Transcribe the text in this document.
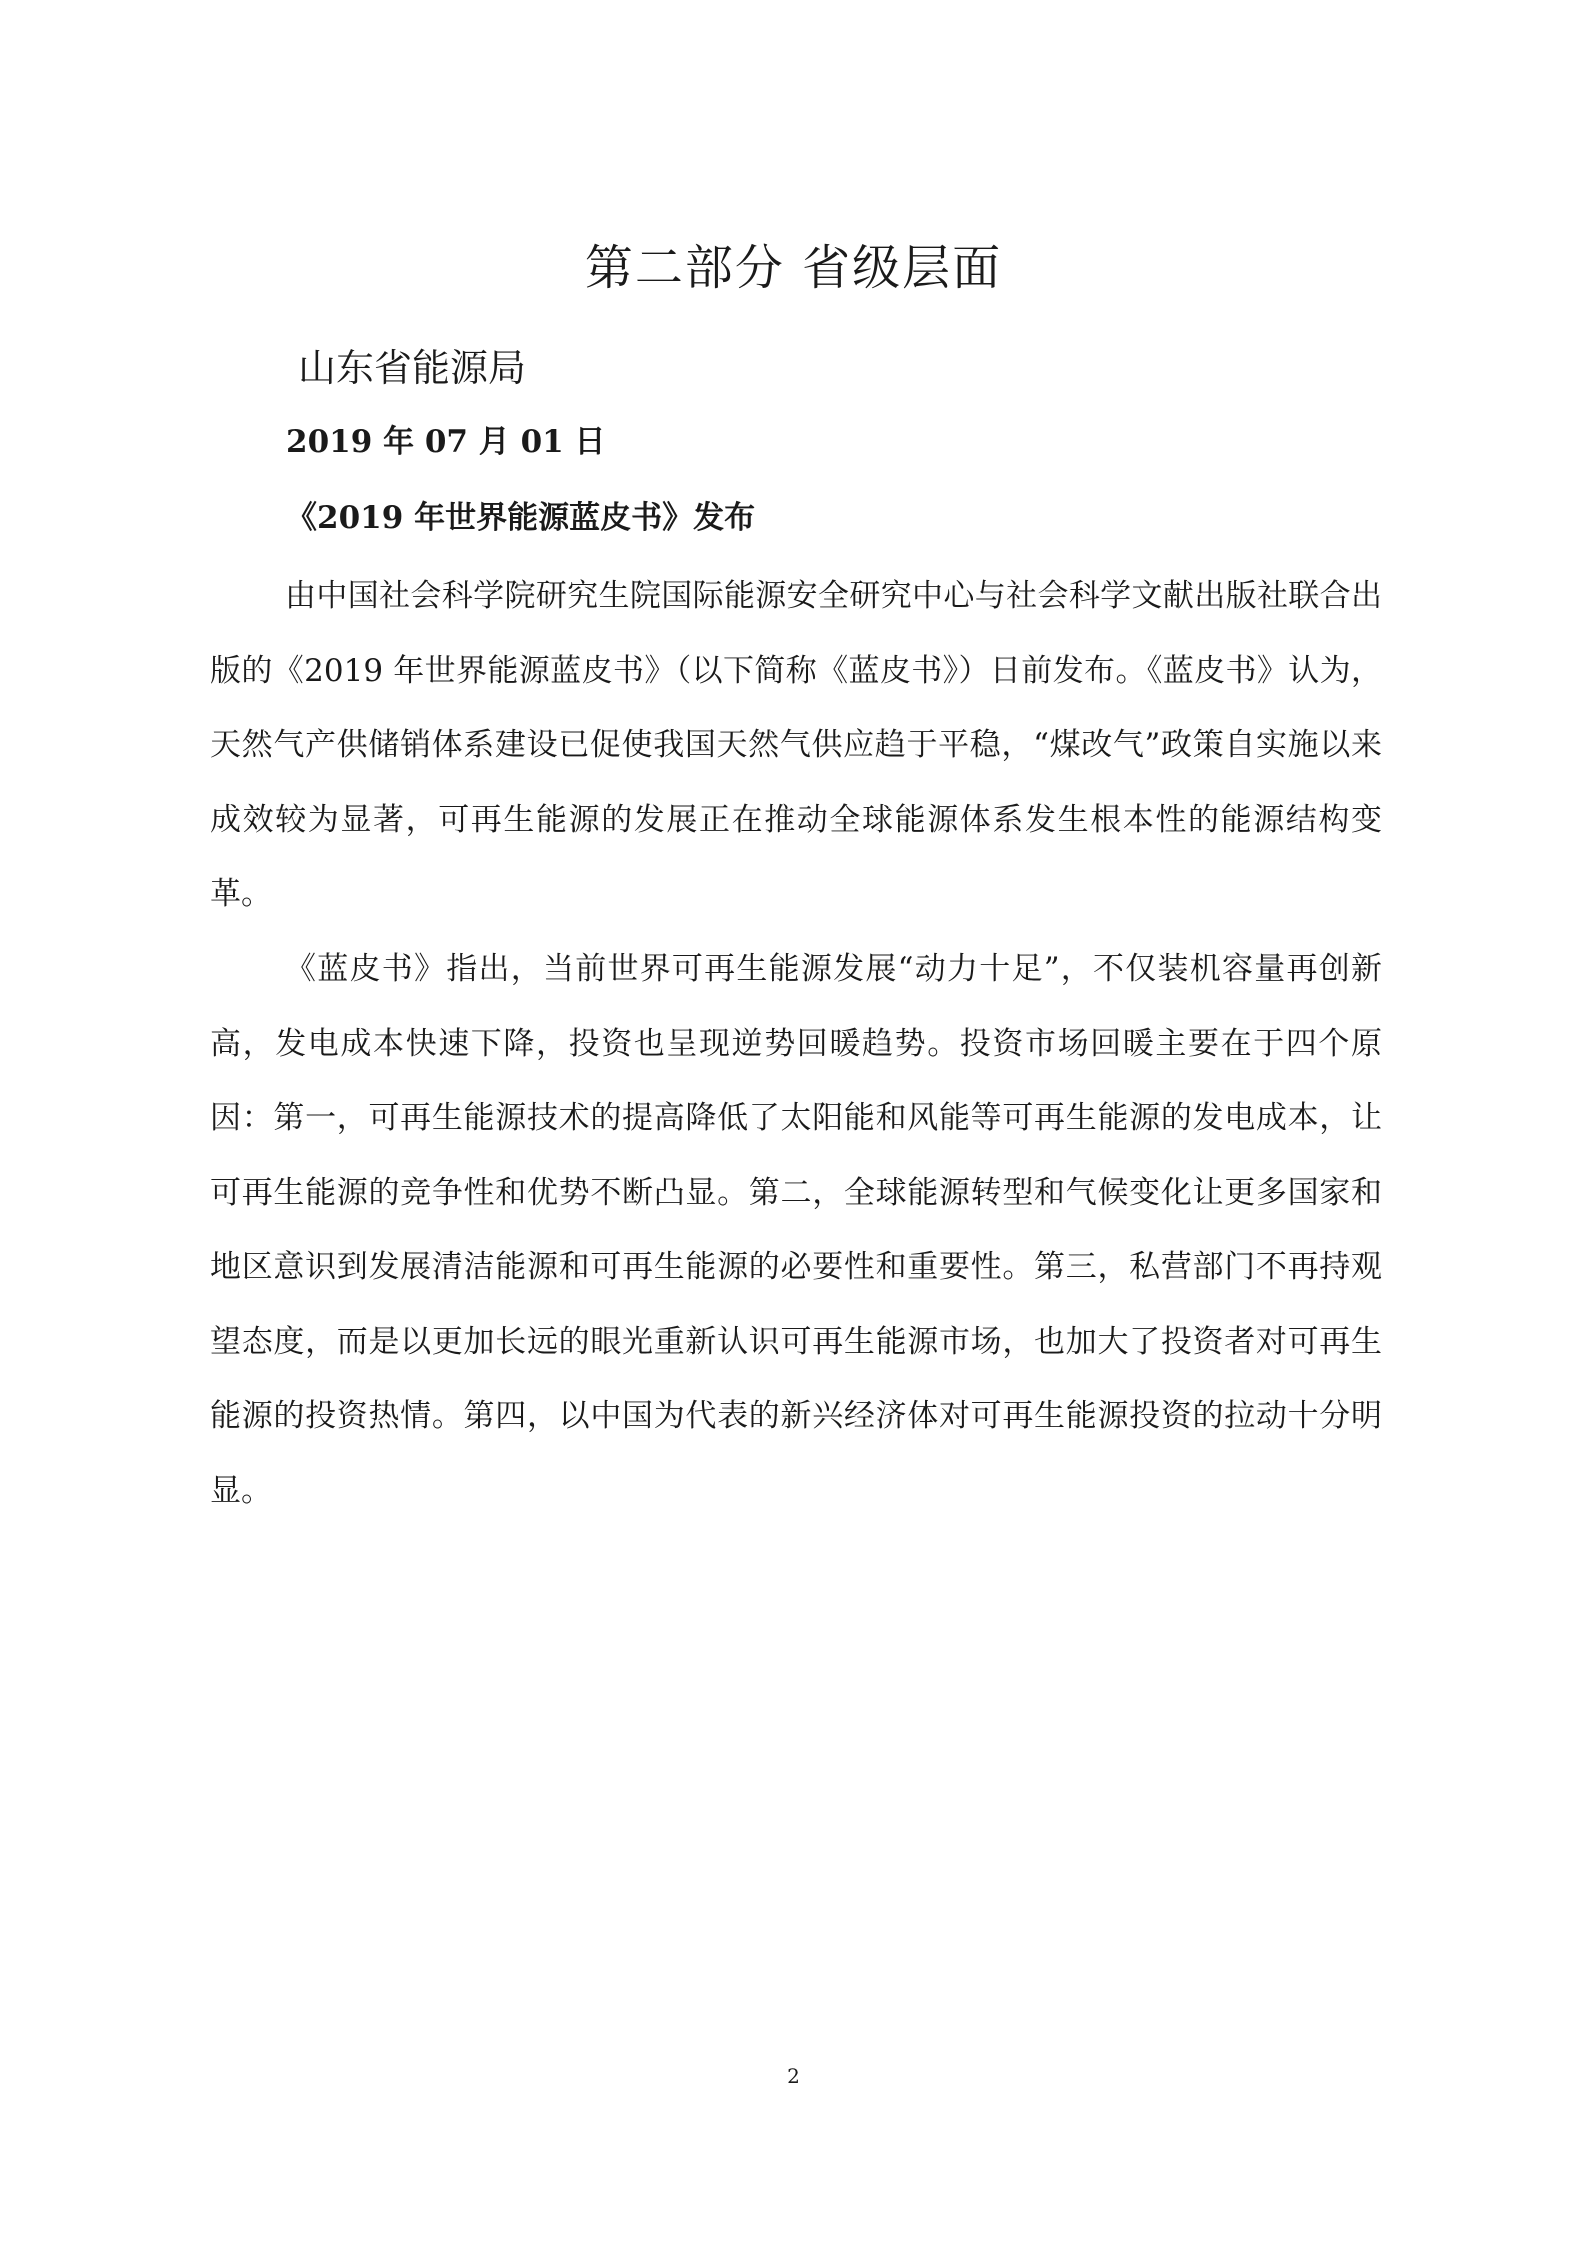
第二部分 省级层面

山东省能源局

2019 年 07 月 01 日

《2019 年世界能源蓝皮书》发布

由中国社会科学院研究生院国际能源安全研究中心与社会科学文献出版社联合出版的《2019 年世界能源蓝皮书》（以下简称《蓝皮书》）日前发布。《蓝皮书》认为，天然气产供储销体系建设已促使我国天然气供应趋于平稳，“煤改气”政策自实施以来成效较为显著，可再生能源的发展正在推动全球能源体系发生根本性的能源结构变革。

《蓝皮书》指出，当前世界可再生能源发展“动力十足”，不仅装机容量再创新高，发电成本快速下降，投资也呈现逆势回暖趋势。投资市场回暖主要在于四个原因：第一，可再生能源技术的提高降低了太阳能和风能等可再生能源的发电成本，让可再生能源的竞争性和优势不断凸显。第二，全球能源转型和气候变化让更多国家和地区意识到发展清洁能源和可再生能源的必要性和重要性。第三，私营部门不再持观望态度，而是以更加长远的眼光重新认识可再生能源市场，也加大了投资者对可再生能源的投资热情。第四，以中国为代表的新兴经济体对可再生能源投资的拉动十分明显。

2
